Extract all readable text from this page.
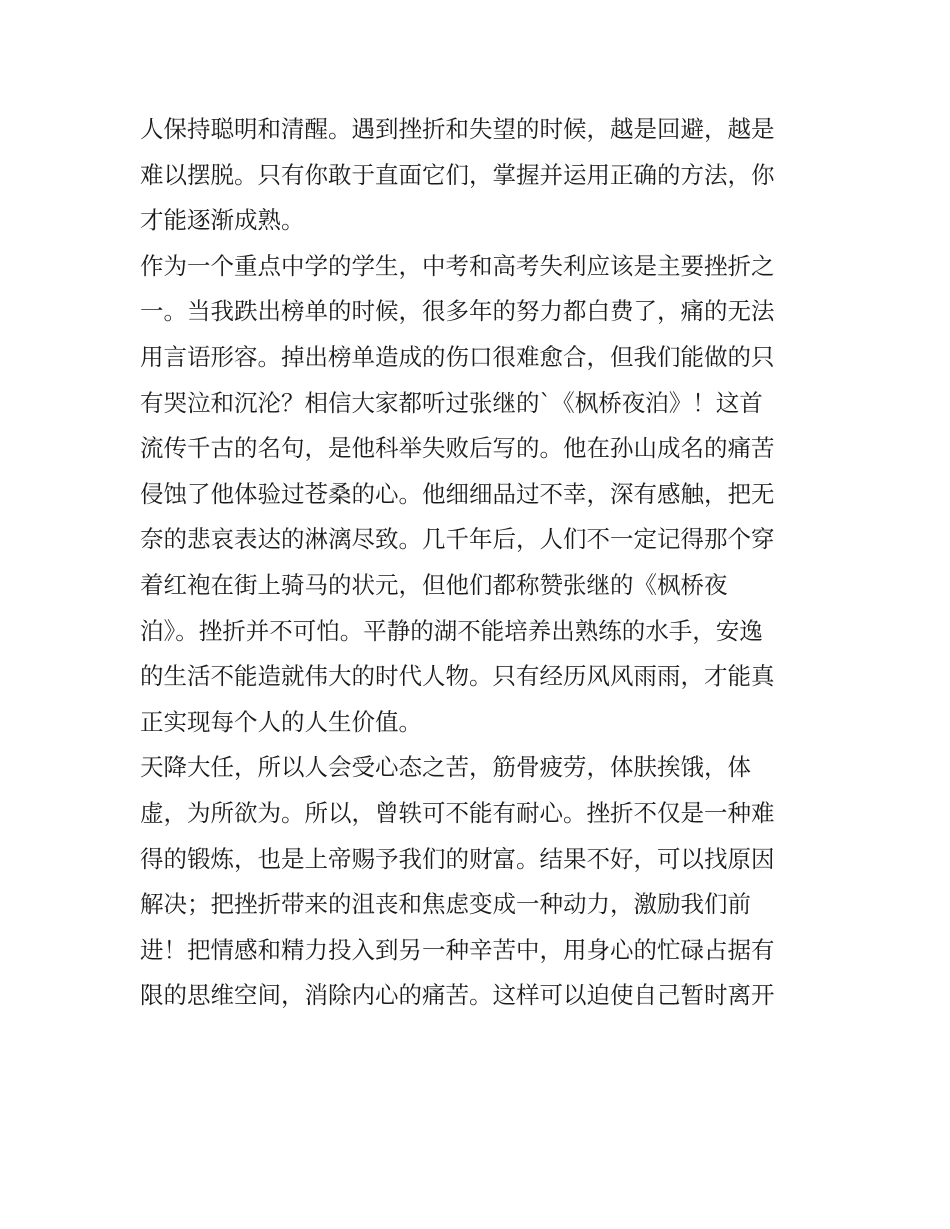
人保持聪明和清醒。遇到挫折和失望的时候，越是回避，越是
难以摆脱。只有你敢于直面它们，掌握并运用正确的方法，你
才能逐渐成熟。
作为一个重点中学的学生，中考和高考失利应该是主要挫折之
一。当我跌出榜单的时候，很多年的努力都白费了，痛的无法
用言语形容。掉出榜单造成的伤口很难愈合，但我们能做的只
有哭泣和沉沦？相信大家都听过张继的`《枫桥夜泊》！这首
流传千古的名句，是他科举失败后写的。他在孙山成名的痛苦
侵蚀了他体验过苍桑的心。他细细品过不幸，深有感触，把无
奈的悲哀表达的淋漓尽致。几千年后，人们不一定记得那个穿
着红袍在街上骑马的状元，但他们都称赞张继的《枫桥夜
泊》。挫折并不可怕。平静的湖不能培养出熟练的水手，安逸
的生活不能造就伟大的时代人物。只有经历风风雨雨，才能真
正实现每个人的人生价值。
天降大任，所以人会受心态之苦，筋骨疲劳，体肤挨饿，体
虚，为所欲为。所以，曾轶可不能有耐心。挫折不仅是一种难
得的锻炼，也是上帝赐予我们的财富。结果不好，可以找原因
解决；把挫折带来的沮丧和焦虑变成一种动力，激励我们前
进！把情感和精力投入到另一种辛苦中，用身心的忙碌占据有
限的思维空间，消除内心的痛苦。这样可以迫使自己暂时离开
